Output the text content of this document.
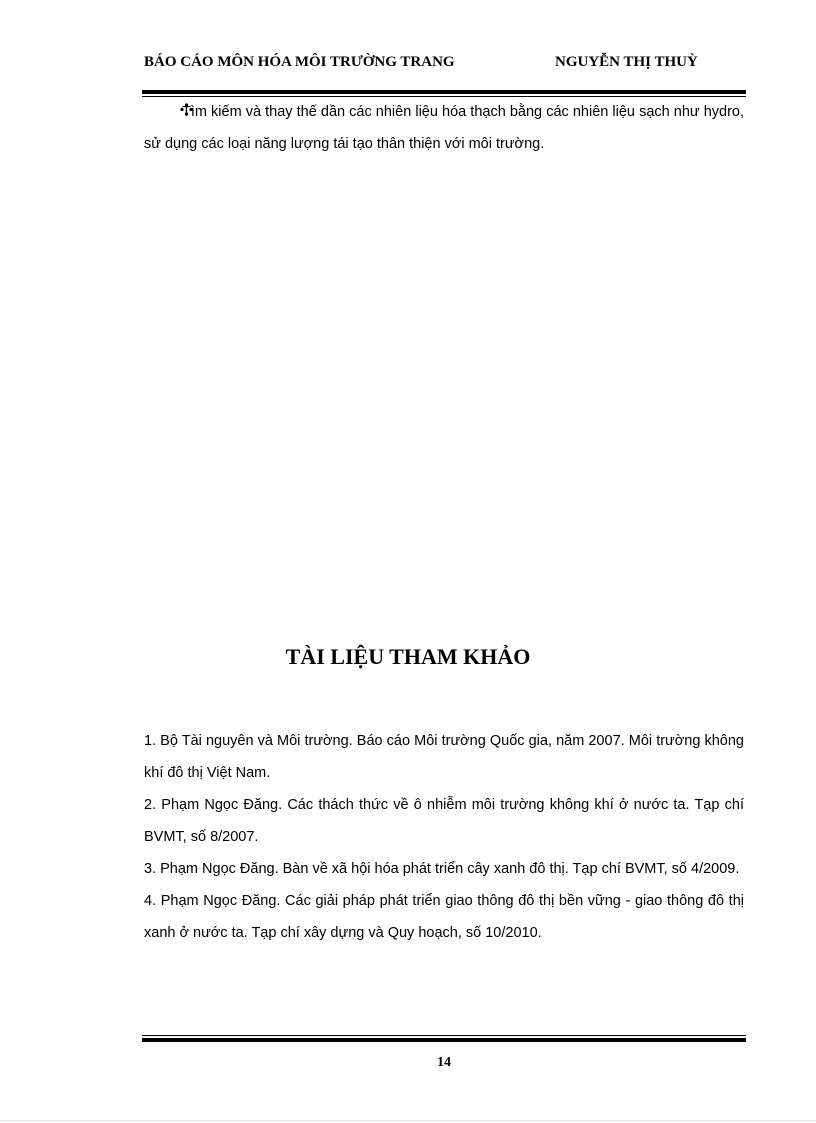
BÁO CÁO MÔN HÓA MÔI TRƯỜNG TRANG	NGUYỄN THỊ THUỲ
Tìm kiếm và thay thế dần các nhiên liệu hóa thạch bằng các nhiên liệu sạch như hydro, sử dụng các loại năng lượng tái tạo thân thiện với môi trường.
TÀI LIỆU THAM KHẢO
1. Bộ Tài nguyên và Môi trường. Báo cáo Môi trường Quốc gia, năm 2007. Môi trường không khí đô thị Việt Nam.
2. Phạm Ngọc Đăng. Các thách thức về ô nhiễm môi trường không khí ở nước ta. Tạp chí BVMT, số 8/2007.
3. Phạm Ngọc Đăng. Bàn về xã hội hóa phát triển cây xanh đô thị. Tạp chí BVMT, số 4/2009.
4. Phạm Ngọc Đăng. Các giải pháp phát triển giao thông đô thị bền vững - giao thông đô thị xanh ở nước ta. Tạp chí xây dựng và Quy hoạch, số 10/2010.
14
